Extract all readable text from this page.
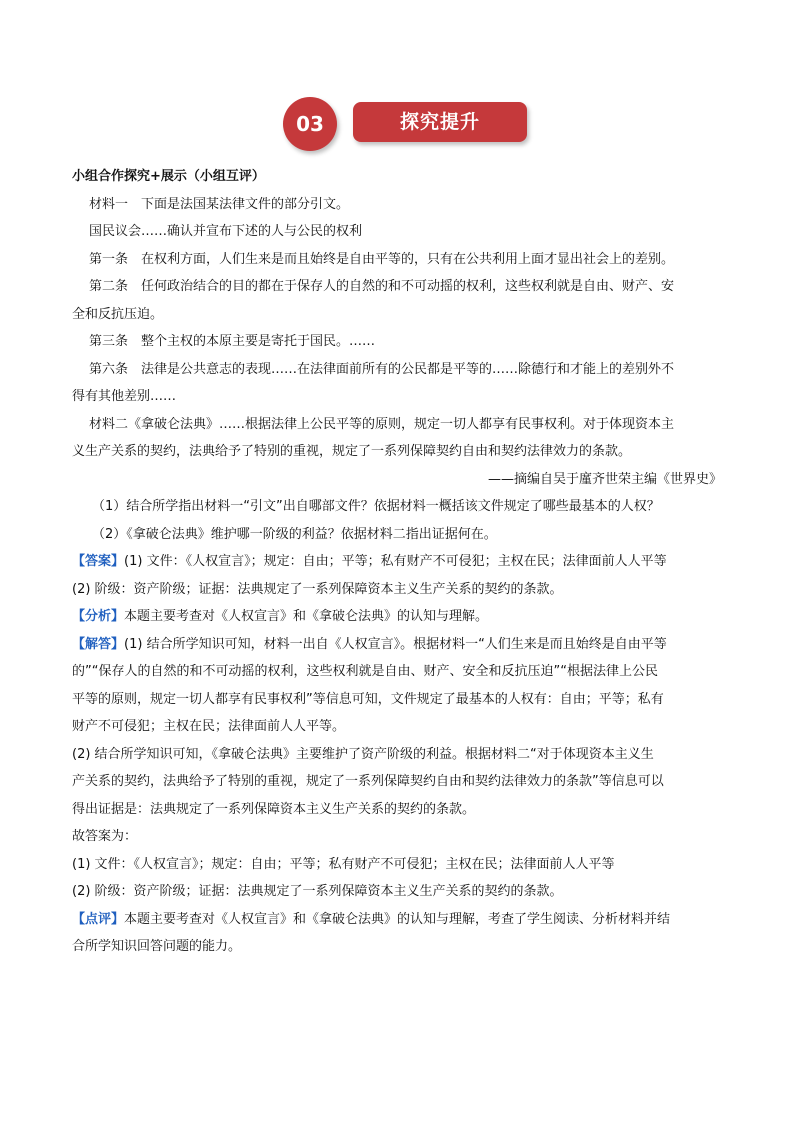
03	探究提升
小组合作探究+展示（小组互评）
材料一　下面是法国某法律文件的部分引文。
国民议会……确认并宣布下述的人与公民的权利
第一条　在权利方面，人们生来是而且始终是自由平等的，只有在公共利用上面才显出社会上的差别。
第二条　任何政治结合的目的都在于保存人的自然的和不可动摇的权利，这些权利就是自由、财产、安
全和反抗压迫。
第三条　整个主权的本原主要是寄托于国民。……
第六条　法律是公共意志的表现……在法律面前所有的公民都是平等的……除德行和才能上的差别外不
得有其他差别……
材料二《拿破仑法典》……根据法律上公民平等的原则，规定一切人都享有民事权利。对于体现资本主
义生产关系的契约，法典给予了特别的重视，规定了一系列保障契约自由和契约法律效力的条款。
——摘编自吴于廑齐世荣主编《世界史》
（1）结合所学指出材料一“引文”出自哪部文件？依据材料一概括该文件规定了哪些最基本的人权？
（2）《拿破仑法典》维护哪一阶级的利益？依据材料二指出证据何在。
【答案】(1) 文件：《人权宣言》；规定：自由；平等；私有财产不可侵犯；主权在民；法律面前人人平等
(2) 阶级：资产阶级；证据：法典规定了一系列保障资本主义生产关系的契约的条款。
【分析】本题主要考查对《人权宣言》和《拿破仑法典》的认知与理解。
【解答】(1) 结合所学知识可知，材料一出自《人权宣言》。根据材料一“人们生来是而且始终是自由平等
的”“保存人的自然的和不可动摇的权利，这些权利就是自由、财产、安全和反抗压迫”“根据法律上公民
平等的原则，规定一切人都享有民事权利”等信息可知，文件规定了最基本的人权有：自由；平等；私有
财产不可侵犯；主权在民；法律面前人人平等。
(2) 结合所学知识可知，《拿破仑法典》主要维护了资产阶级的利益。根据材料二“对于体现资本主义生
产关系的契约，法典给予了特别的重视，规定了一系列保障契约自由和契约法律效力的条款”等信息可以
得出证据是：法典规定了一系列保障资本主义生产关系的契约的条款。
故答案为：
(1) 文件：《人权宣言》；规定：自由；平等；私有财产不可侵犯；主权在民；法律面前人人平等
(2) 阶级：资产阶级；证据：法典规定了一系列保障资本主义生产关系的契约的条款。
【点评】本题主要考查对《人权宣言》和《拿破仑法典》的认知与理解，考查了学生阅读、分析材料并结
合所学知识回答问题的能力。
